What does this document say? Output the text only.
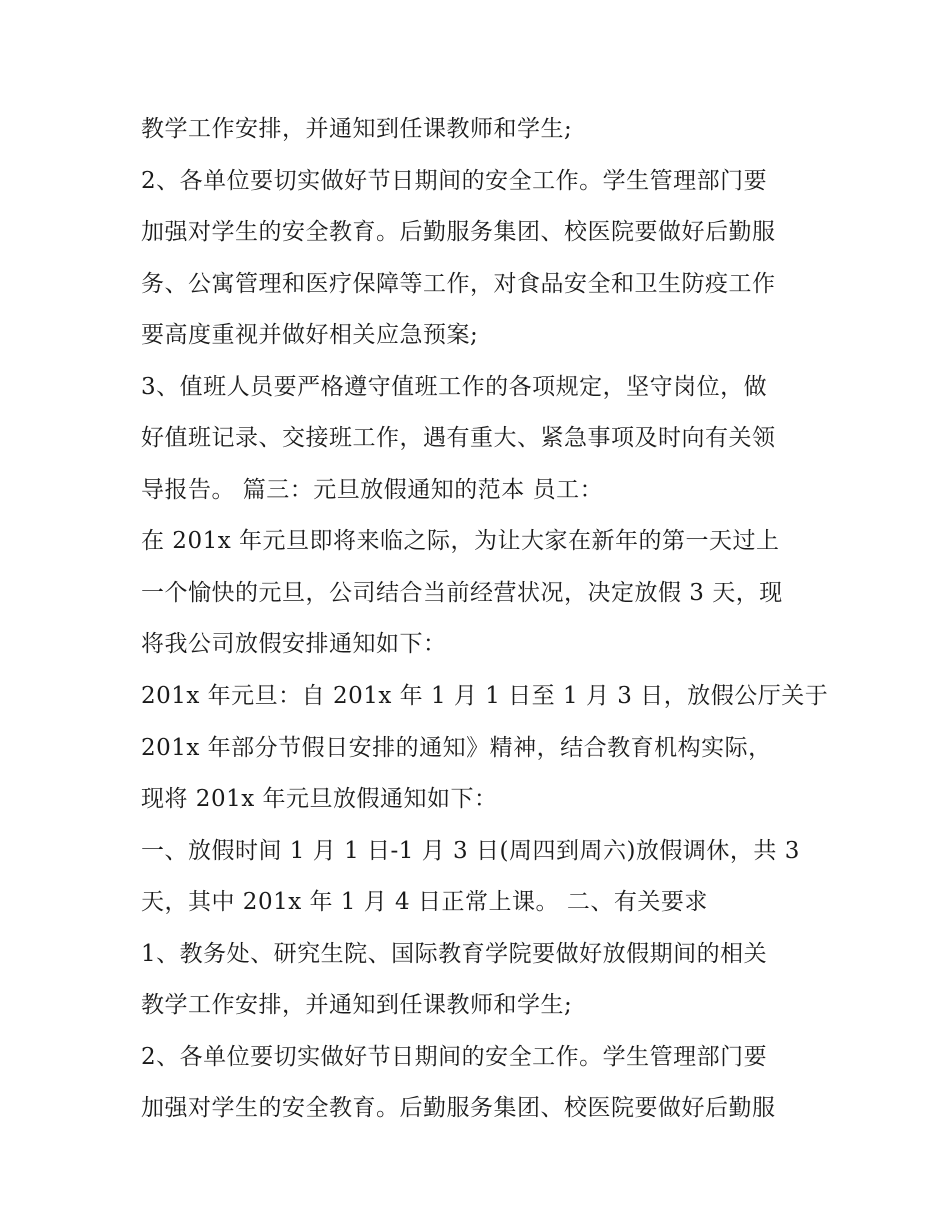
教学工作安排，并通知到任课教师和学生;
2、各单位要切实做好节日期间的安全工作。学生管理部门要
加强对学生的安全教育。后勤服务集团、校医院要做好后勤服
务、公寓管理和医疗保障等工作，对食品安全和卫生防疫工作
要高度重视并做好相关应急预案;
3、值班人员要严格遵守值班工作的各项规定，坚守岗位，做
好值班记录、交接班工作，遇有重大、紧急事项及时向有关领
导报告。 篇三：元旦放假通知的范本 员工：
在 201x 年元旦即将来临之际，为让大家在新年的第一天过上
一个愉快的元旦，公司结合当前经营状况，决定放假 3 天，现
将我公司放假安排通知如下：
201x 年元旦：自 201x 年 1 月 1 日至 1 月 3 日，放假公厅关于
201x 年部分节假日安排的通知》精神，结合教育机构实际，
现将 201x 年元旦放假通知如下：
一、放假时间 1 月 1 日-1 月 3 日(周四到周六)放假调休，共 3
天，其中 201x 年 1 月 4 日正常上课。 二、有关要求
1、教务处、研究生院、国际教育学院要做好放假期间的相关
教学工作安排，并通知到任课教师和学生;
2、各单位要切实做好节日期间的安全工作。学生管理部门要
加强对学生的安全教育。后勤服务集团、校医院要做好后勤服
